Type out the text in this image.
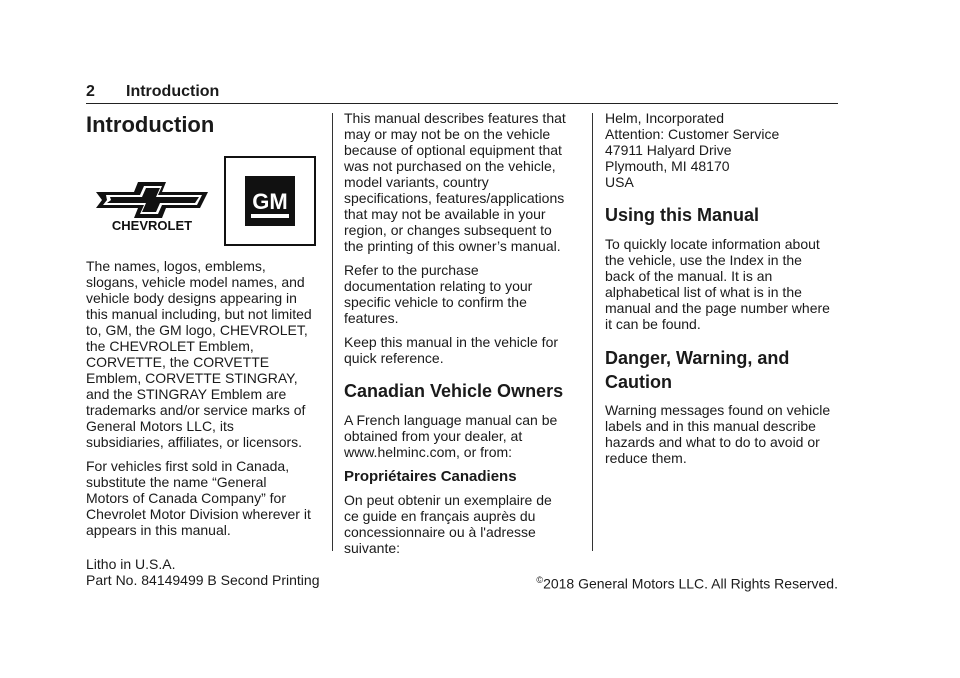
2 Introduction
Introduction
CHEVROLET
GM

The names, logos, emblems,
slogans, vehicle model names, and
vehicle body designs appearing in
this manual including, but not limited
to, GM, the GM logo, CHEVROLET,
the CHEVROLET Emblem,
CORVETTE, the CORVETTE
Emblem, CORVETTE STINGRAY,
and the STINGRAY Emblem are
trademarks and/or service marks of
General Motors LLC, its
subsidiaries, affiliates, or licensors.

For vehicles first sold in Canada,
substitute the name “General
Motors of Canada Company” for
Chevrolet Motor Division wherever it
appears in this manual.

This manual describes features that
may or may not be on the vehicle
because of optional equipment that
was not purchased on the vehicle,
model variants, country
specifications, features/applications
that may not be available in your
region, or changes subsequent to
the printing of this owner’s manual.

Refer to the purchase
documentation relating to your
specific vehicle to confirm the
features.

Keep this manual in the vehicle for
quick reference.

Canadian Vehicle Owners

A French language manual can be
obtained from your dealer, at
www.helminc.com, or from:

Propriétaires Canadiens

On peut obtenir un exemplaire de
ce guide en français auprès du
concessionnaire ou à l'adresse
suivante:

Helm, Incorporated
Attention: Customer Service
47911 Halyard Drive
Plymouth, MI 48170
USA

Using this Manual

To quickly locate information about
the vehicle, use the Index in the
back of the manual. It is an
alphabetical list of what is in the
manual and the page number where
it can be found.

Danger, Warning, and
Caution

Warning messages found on vehicle
labels and in this manual describe
hazards and what to do to avoid or
reduce them.

Litho in U.S.A.
Part No. 84149499 B Second Printing	©2018 General Motors LLC. All Rights Reserved.
